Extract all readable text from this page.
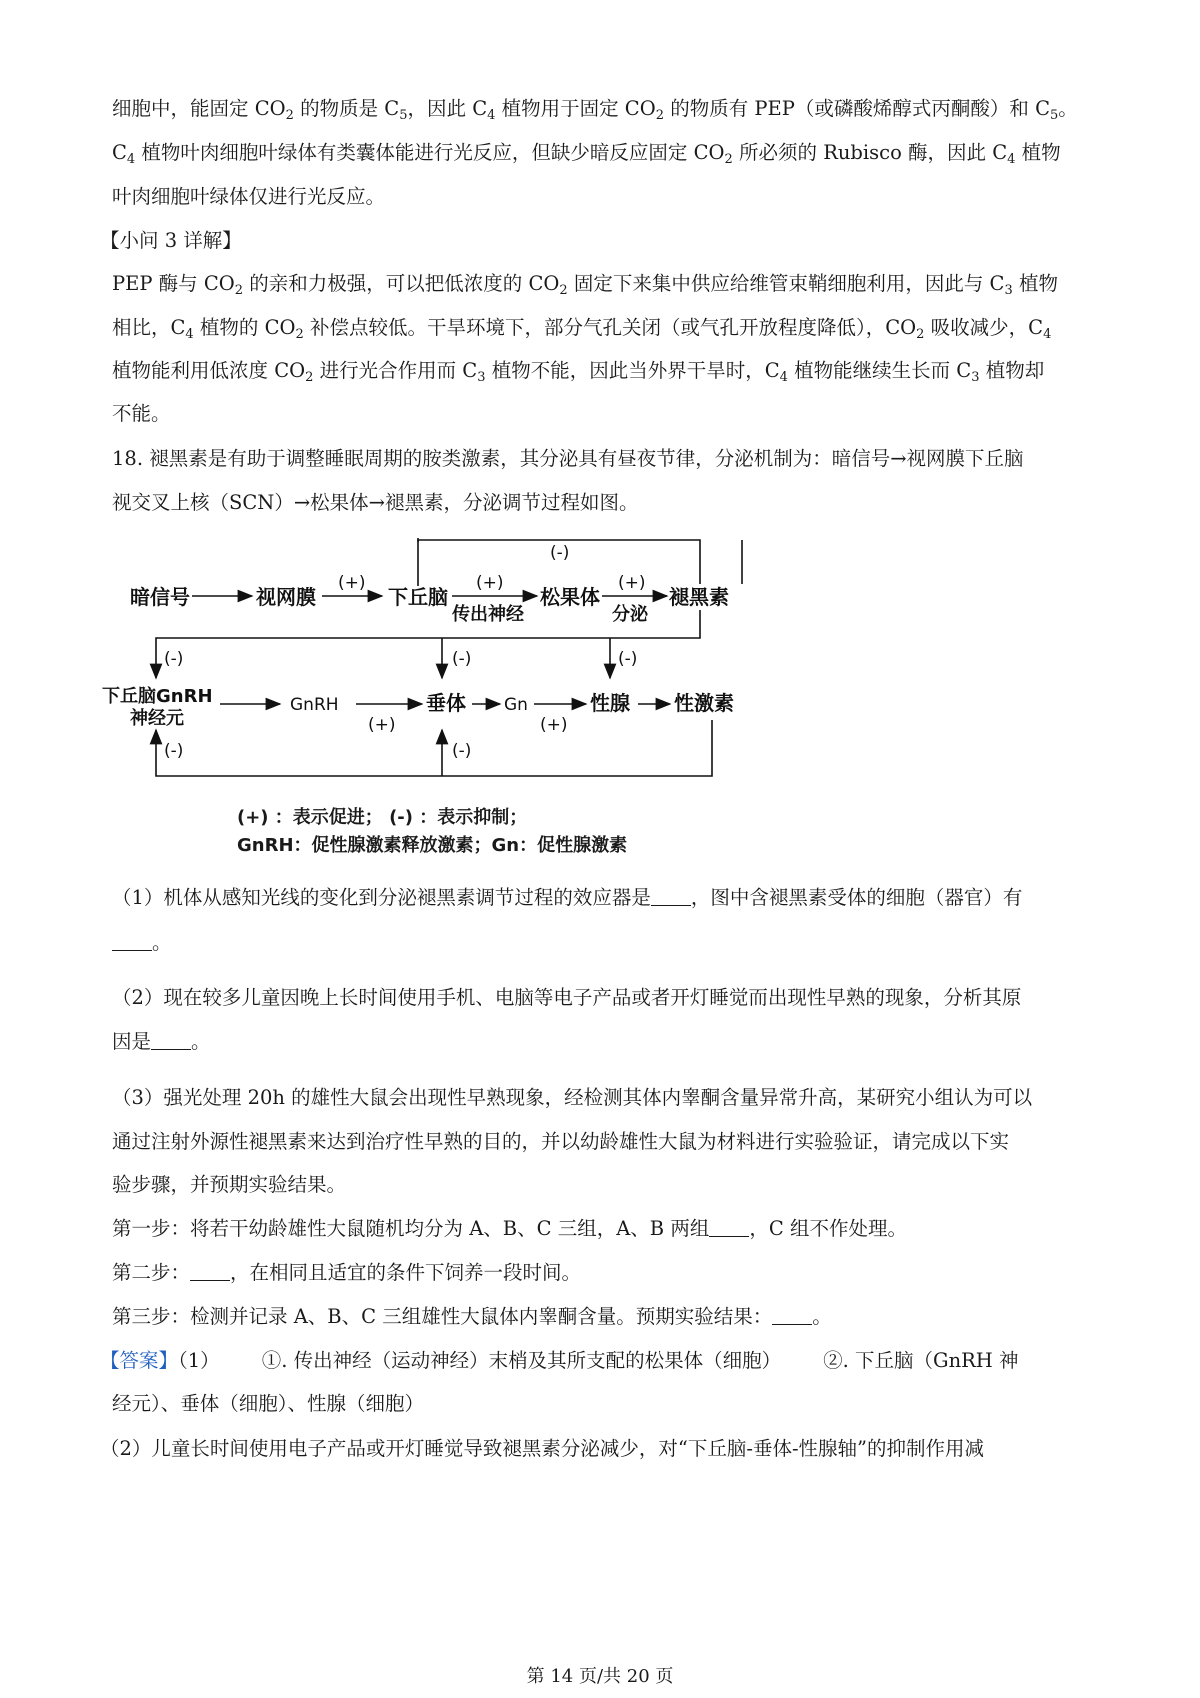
细胞中，能固定 $CO_2$ 的物质是 $C_5$，因此 $C_4$ 植物用于固定 $CO_2$ 的物质有 PEP（或磷酸烯醇式丙酮酸）和 $C_5$。
$C_4$ 植物叶肉细胞叶绿体有类囊体能进行光反应，但缺少暗反应固定 $CO_2$ 所必须的 Rubisco 酶，因此 $C_4$ 植物
叶肉细胞叶绿体仅进行光反应。
【小问 3 详解】
PEP 酶与 $CO_2$ 的亲和力极强，可以把低浓度的 $CO_2$ 固定下来集中供应给维管束鞘细胞利用，因此与 $C_3$ 植物
相比，$C_4$ 植物的 $CO_2$ 补偿点较低。干旱环境下，部分气孔关闭（或气孔开放程度降低），$CO_2$ 吸收减少，$C_4$
植物能利用低浓度 $CO_2$ 进行光合作用而 $C_3$ 植物不能，因此当外界干旱时，$C_4$ 植物能继续生长而 $C_3$ 植物却
不能。
18. 褪黑素是有助于调整睡眠周期的胺类激素，其分泌具有昼夜节律，分泌机制为：暗信号→视网膜下丘脑
视交叉上核（SCN）→松果体→褪黑素，分泌调节过程如图。
暗信号	视网膜	下丘脑	松果体	褪黑素
(+)	(+)	(+)
(-)
传出神经	分泌
(-)	(-)	(-)
下丘脑GnRH
神经元
GnRH	垂体 Gn	性腺 性激素
(+)	(+)
(-)	(-)
(+) ：表示促进； (-) ：表示抑制；
GnRH：促性腺激素释放激素；Gn：促性腺激素
（1）机体从感知光线的变化到分泌褪黑素调节过程的效应器是 ，图中含褪黑素受体的细胞（器官）有
。
（2）现在较多儿童因晚上长时间使用手机、电脑等电子产品或者开灯睡觉而出现性早熟的现象，分析其原
因是 。
（3）强光处理 20h 的雄性大鼠会出现性早熟现象，经检测其体内睾酮含量异常升高，某研究小组认为可以
通过注射外源性褪黑素来达到治疗性早熟的目的，并以幼龄雄性大鼠为材料进行实验验证，请完成以下实
验步骤，并预期实验结果。
第一步：将若干幼龄雄性大鼠随机均分为 A、B、C 三组，A、B 两组 ，C 组不作处理。
第二步： ，在相同且适宜的条件下饲养一段时间。
第三步：检测并记录 A、B、C 三组雄性大鼠体内睾酮含量。预期实验结果： 。
【答案】（1） ①. 传出神经（运动神经）末梢及其所支配的松果体（细胞） ②. 下丘脑（GnRH 神
经元）、垂体（细胞）、性腺（细胞）
（2）儿童长时间使用电子产品或开灯睡觉导致褪黑素分泌减少，对“下丘脑-垂体-性腺轴”的抑制作用减
第 14 页/共 20 页
